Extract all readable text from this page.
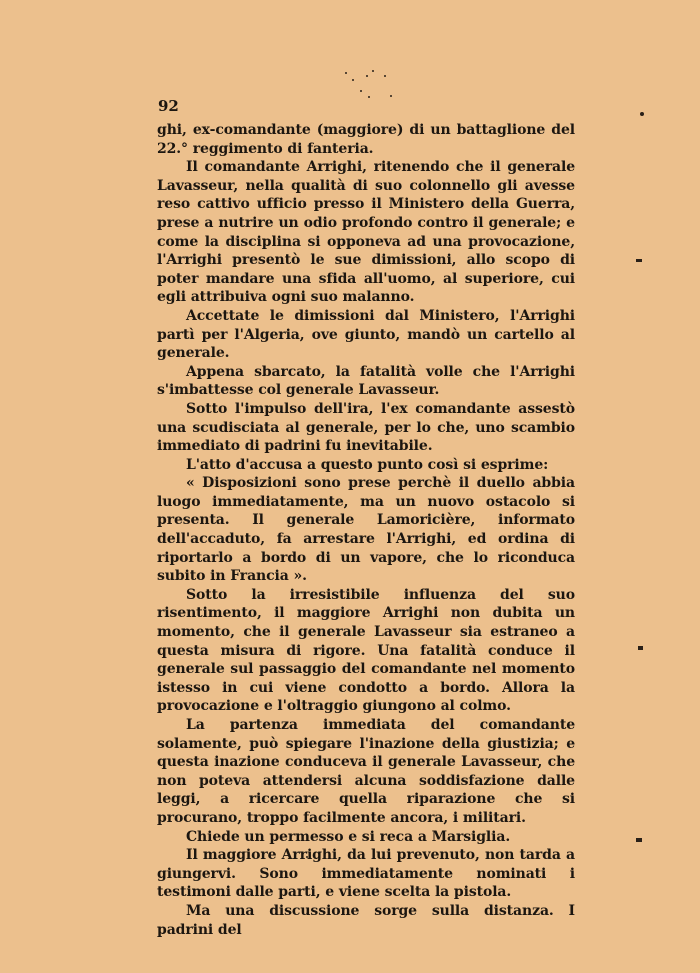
92

ghi, ex-comandante (maggiore) di un battaglione del 22.° reggimento di fanteria.

Il comandante Arrighi, ritenendo che il generale Lavasseur, nella qualità di suo colonnello gli avesse reso cattivo ufficio presso il Ministero della Guerra, prese a nutrire un odio profondo contro il generale; e come la disciplina si opponeva ad una provocazione, l'Arrighi presentò le sue dimissioni, allo scopo di poter mandare una sfida all'uomo, al superiore, cui egli attribuiva ogni suo malanno.

Accettate le dimissioni dal Ministero, l'Arrighi partì per l'Algeria, ove giunto, mandò un cartello al generale.

Appena sbarcato, la fatalità volle che l'Arrighi s'imbattesse col generale Lavasseur.

Sotto l'impulso dell'ira, l'ex comandante assestò una scudisciata al generale, per lo che, uno scambio immediato di padrini fu inevitabile.

L'atto d'accusa a questo punto così si esprime:

« Disposizioni sono prese perchè il duello abbia luogo immediatamente, ma un nuovo ostacolo si presenta. Il generale Lamoricière, informato dell'accaduto, fa arrestare l'Arrighi, ed ordina di riportarlo a bordo di un vapore, che lo riconduca subito in Francia ».

Sotto la irresistibile influenza del suo risentimento, il maggiore Arrighi non dubita un momento, che il generale Lavasseur sia estraneo a questa misura di rigore. Una fatalità conduce il generale sul passaggio del comandante nel momento istesso in cui viene condotto a bordo. Allora la provocazione e l'oltraggio giungono al colmo.

La partenza immediata del comandante solamente, può spiegare l'inazione della giustizia; e questa inazione conduceva il generale Lavasseur, che non poteva attendersi alcuna soddisfazione dalle leggi, a ricercare quella riparazione che si procurano, troppo facilmente ancora, i militari.

Chiede un permesso e si reca a Marsiglia.

Il maggiore Arrighi, da lui prevenuto, non tarda a giungervi. Sono immediatamente nominati i testimoni dalle parti, e viene scelta la pistola.

Ma una discussione sorge sulla distanza. I padrini del
